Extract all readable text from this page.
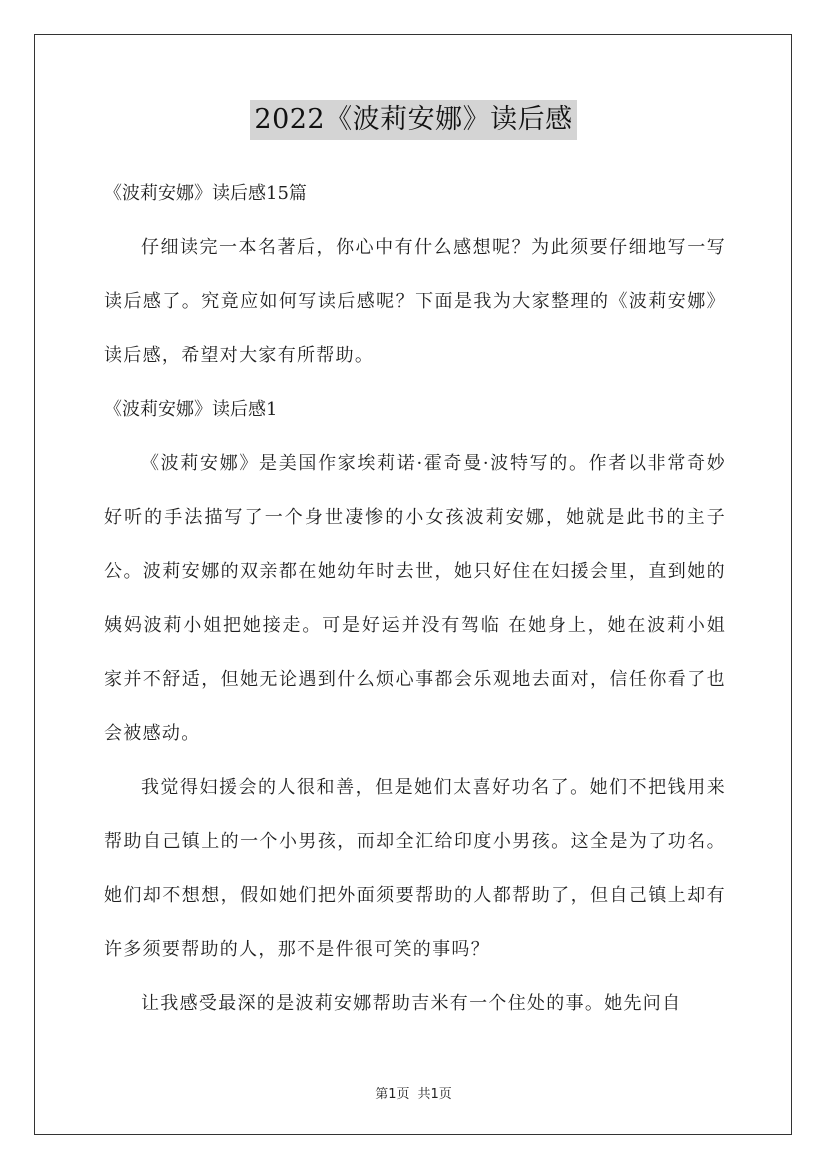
2022《波莉安娜》读后感

《波莉安娜》读后感15篇

仔细读完一本名著后，你心中有什么感想呢？为此须要仔细地写一写读后感了。究竟应如何写读后感呢？下面是我为大家整理的《波莉安娜》读后感，希望对大家有所帮助。

《波莉安娜》读后感1

《波莉安娜》是美国作家埃莉诺·霍奇曼·波特写的。作者以非常奇妙好听的手法描写了一个身世凄惨的小女孩波莉安娜，她就是此书的主子公。波莉安娜的双亲都在她幼年时去世，她只好住在妇援会里，直到她的姨妈波莉小姐把她接走。可是好运并没有驾临 在她身上，她在波莉小姐家并不舒适，但她无论遇到什么烦心事都会乐观地去面对，信任你看了也会被感动。

我觉得妇援会的人很和善，但是她们太喜好功名了。她们不把钱用来帮助自己镇上的一个小男孩，而却全汇给印度小男孩。这全是为了功名。她们却不想想，假如她们把外面须要帮助的人都帮助了，但自己镇上却有许多须要帮助的人，那不是件很可笑的事吗？

让我感受最深的是波莉安娜帮助吉米有一个住处的事。她先问自

第1页 共1页
